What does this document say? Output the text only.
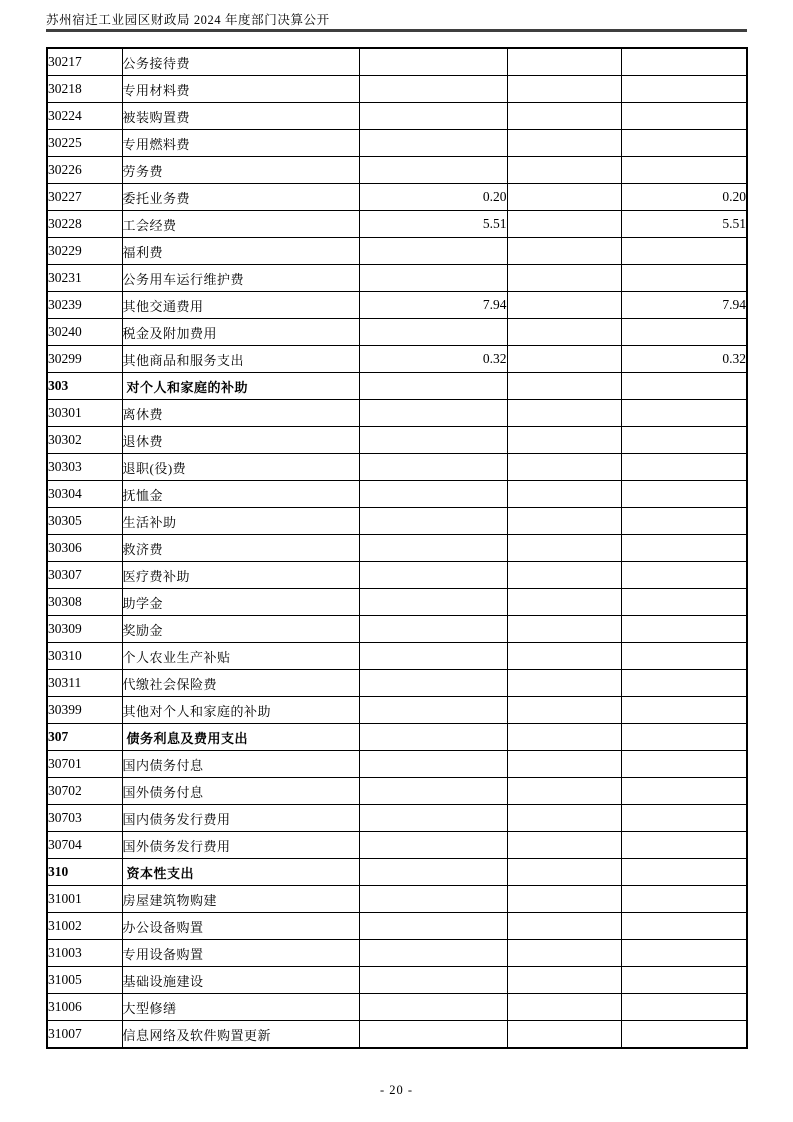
苏州宿迁工业园区财政局 2024 年度部门决算公开
30217	公务接待费			
30218	专用材料费			
30224	被装购置费			
30225	专用燃料费			
30226	劳务费			
30227	委托业务费	0.20		0.20
30228	工会经费	5.51		5.51
30229	福利费			
30231	公务用车运行维护费			
30239	其他交通费用	7.94		7.94
30240	税金及附加费用			
30299	其他商品和服务支出	0.32		0.32
303	对个人和家庭的补助			
30301	离休费			
30302	退休费			
30303	退职(役)费			
30304	抚恤金			
30305	生活补助			
30306	救济费			
30307	医疗费补助			
30308	助学金			
30309	奖励金			
30310	个人农业生产补贴			
30311	代缴社会保险费			
30399	其他对个人和家庭的补助			
307	债务利息及费用支出			
30701	国内债务付息			
30702	国外债务付息			
30703	国内债务发行费用			
30704	国外债务发行费用			
310	资本性支出			
31001	房屋建筑物购建			
31002	办公设备购置			
31003	专用设备购置			
31005	基础设施建设			
31006	大型修缮			
31007	信息网络及软件购置更新			
- 20 -
